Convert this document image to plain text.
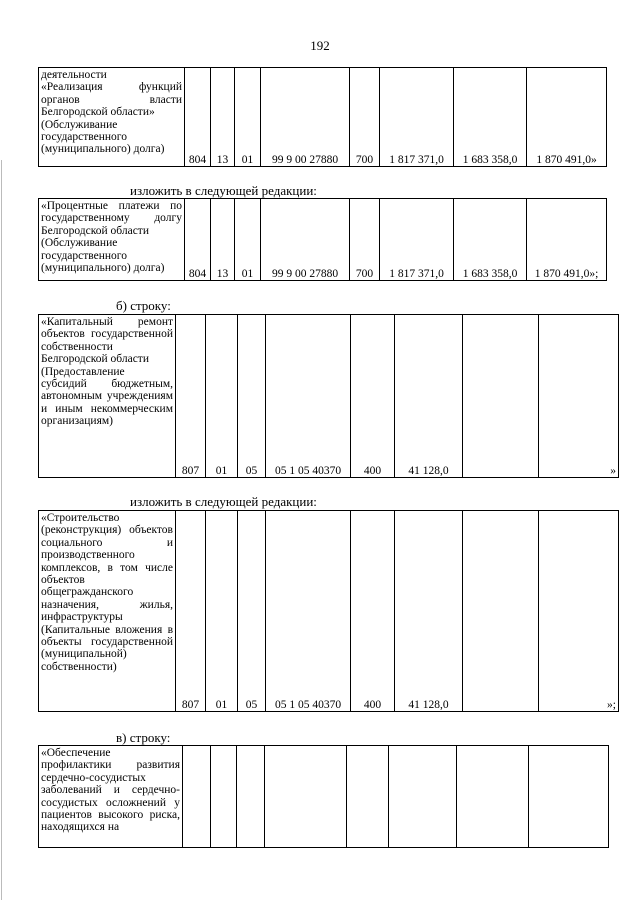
192
деятельности
«Реализация функций органов власти Белгородской области»
(Обслуживание государственного
(муниципального) долга)
	804	13	01	99 9 00 27880	700	1 817 371,0	1 683 358,0	1 870 491,0»
изложить в следующей редакции:
«Процентные платежи по государственному долгу Белгородской области
(Обслуживание государственного
(муниципального) долга)	804	13	01	99 9 00 27880	700	1 817 371,0	1 683 358,0	1 870 491,0»;
б) строку:
«Капитальный ремонт объектов государственной собственности Белгородской области
(Предоставление субсидий бюджетным, автономным учреждениям и иным некоммерческим организациям)
	807	01	05	05 1 05 40370	400	41 128,0		»
изложить в следующей редакции:
«Строительство (реконструкция) объектов социального и производственного комплексов, в том числе объектов общегражданского назначения, жилья, инфраструктуры
(Капитальные вложения в объекты государственной (муниципальной) собственности)
	807	01	05	05 1 05 40370	400	41 128,0		»;
в) строку:
«Обеспечение профилактики развития сердечно-сосудистых заболеваний и сердечно-сосудистых осложнений у пациентов высокого риска, находящихся на
